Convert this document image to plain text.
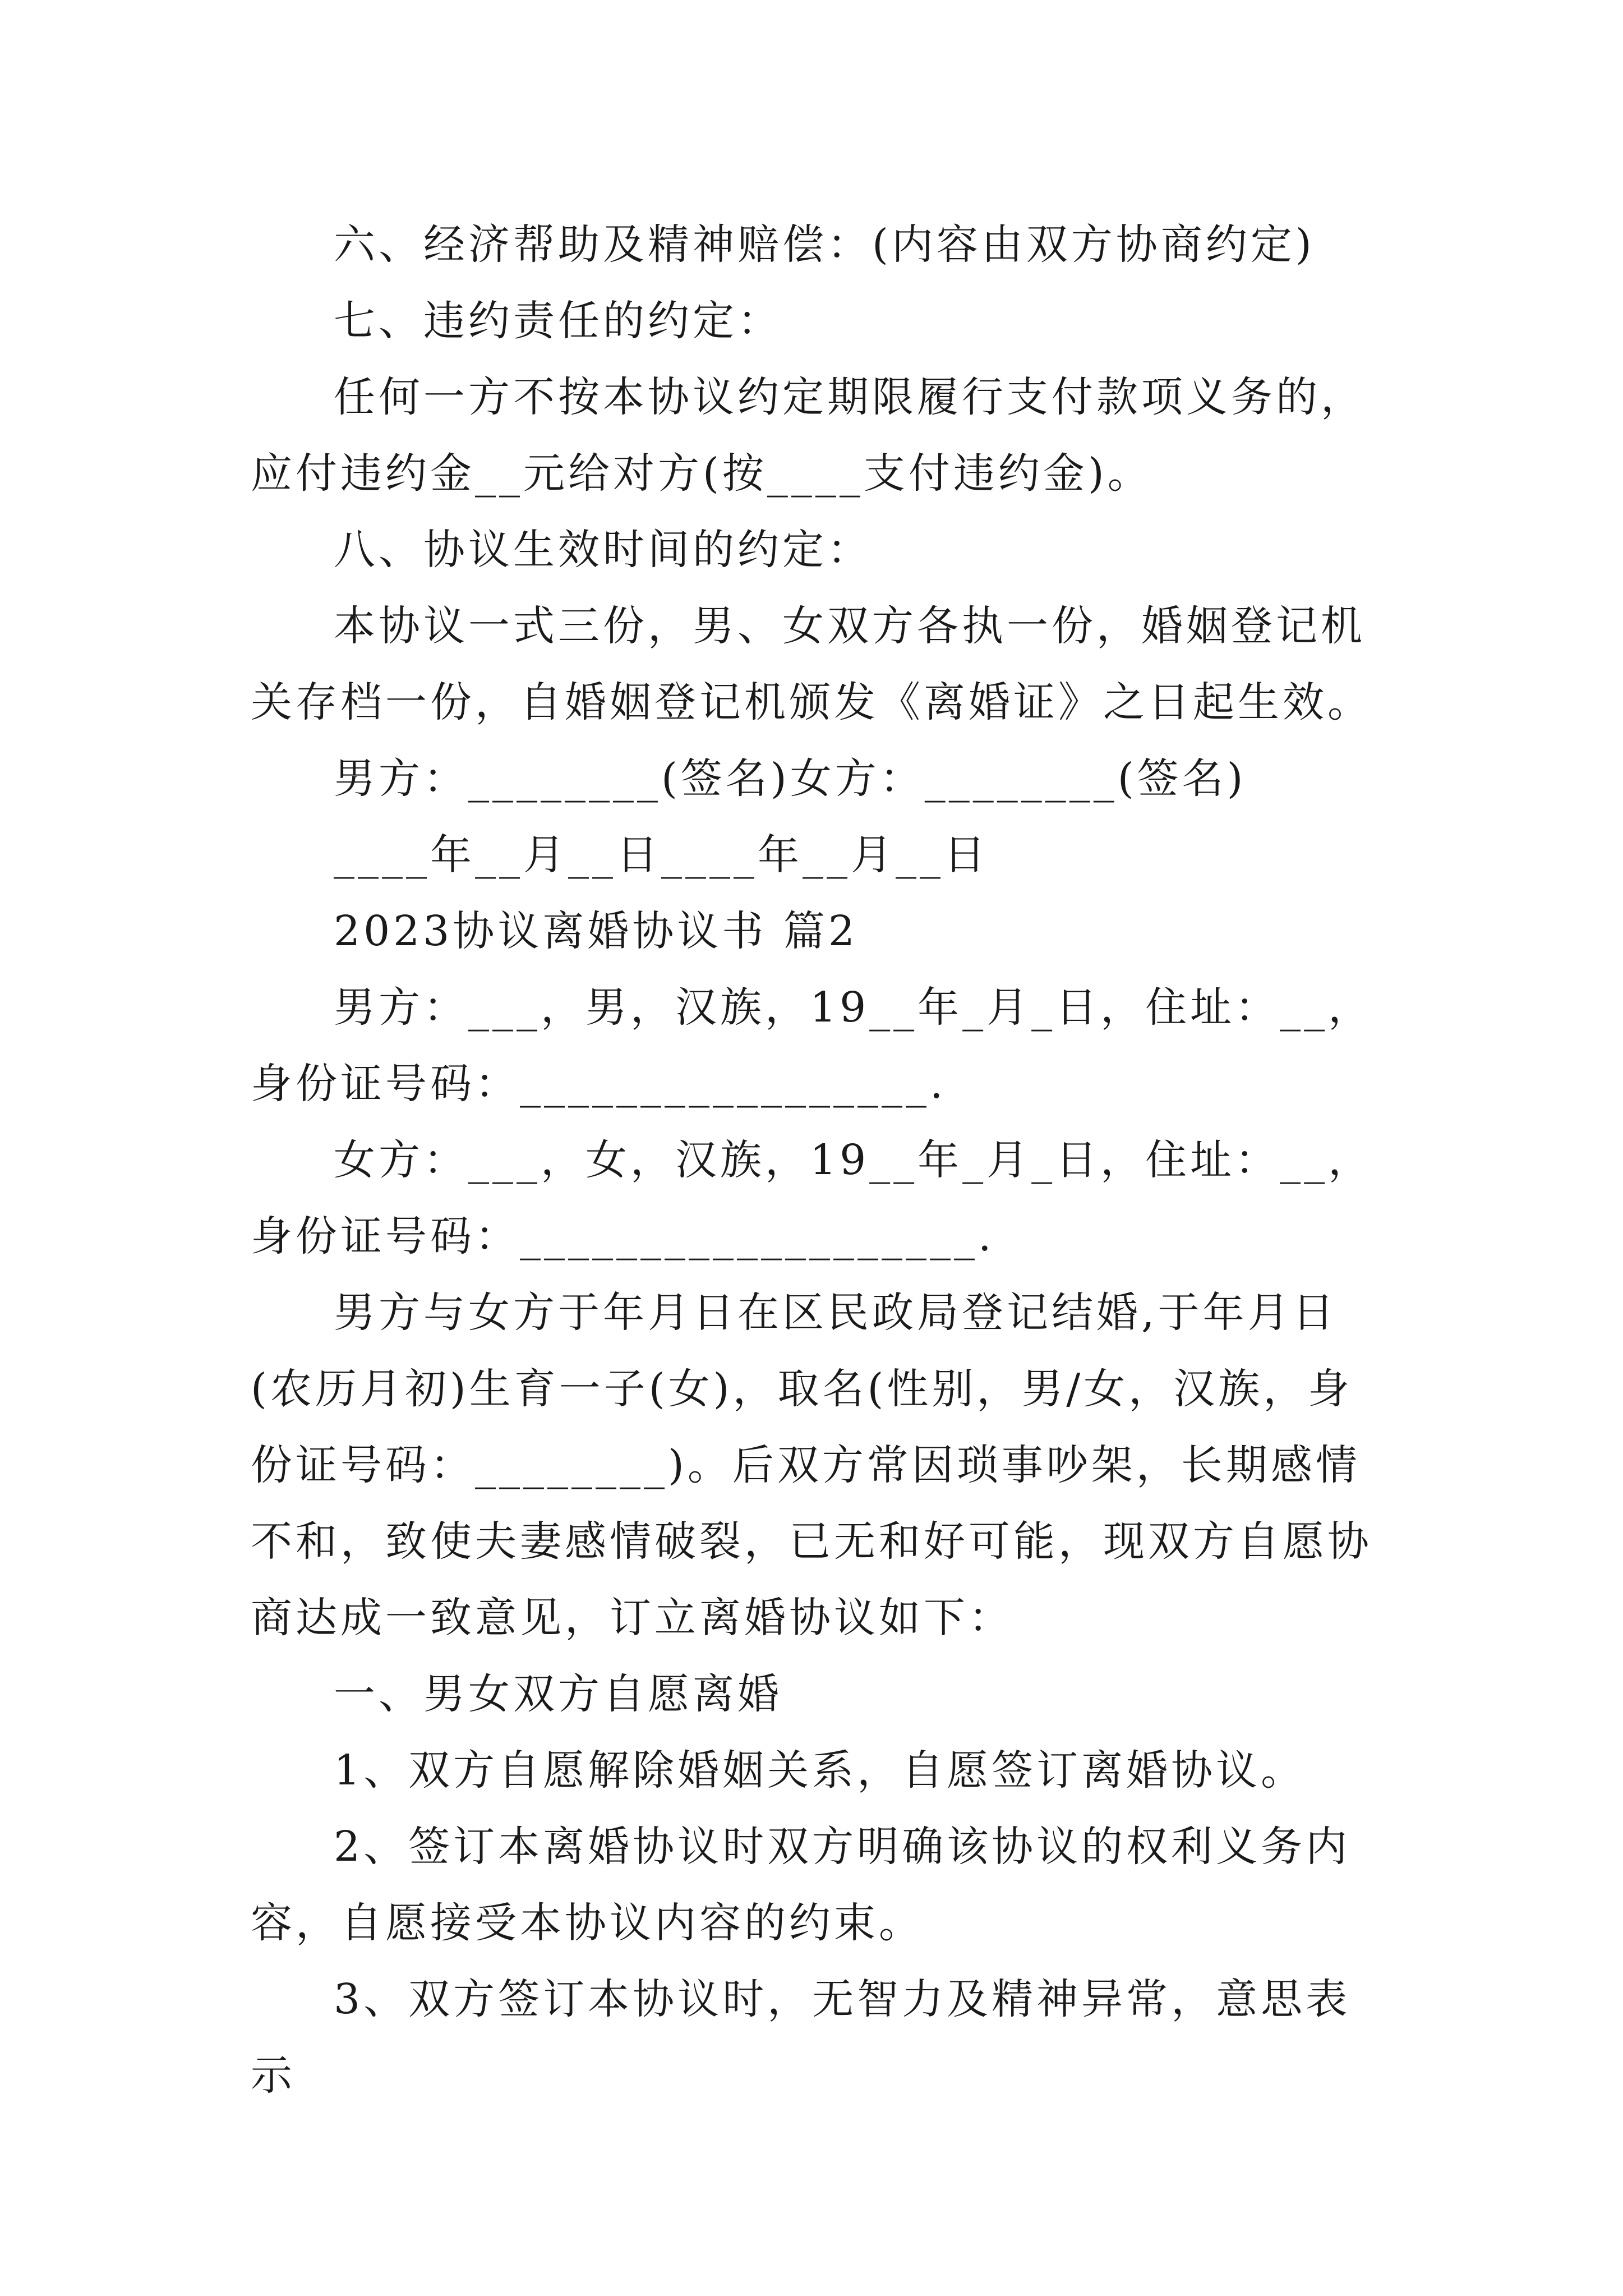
六、经济帮助及精神赔偿：(内容由双方协商约定)

七、违约责任的约定：

任何一方不按本协议约定期限履行支付款项义务的，应付违约金__元给对方(按____支付违约金)。

八、协议生效时间的约定：

本协议一式三份，男、女双方各执一份，婚姻登记机关存档一份，自婚姻登记机颁发《离婚证》之日起生效。

男方：________(签名)女方：________(签名)

____年__月__日____年__月__日

2023协议离婚协议书 篇2

男方：___，男，汉族，19__年_月_日，住址：__，身份证号码：_________________.

女方：___，女，汉族，19__年_月_日，住址：__，身份证号码：___________________.

男方与女方于年月日在区民政局登记结婚,于年月日(农历月初)生育一子(女)，取名(性别，男/女，汉族，身份证号码：________)。后双方常因琐事吵架，长期感情不和，致使夫妻感情破裂，已无和好可能，现双方自愿协商达成一致意见，订立离婚协议如下：

一、男女双方自愿离婚

1、双方自愿解除婚姻关系，自愿签订离婚协议。

2、签订本离婚协议时双方明确该协议的权利义务内容，自愿接受本协议内容的约束。

3、双方签订本协议时，无智力及精神异常，意思表示
